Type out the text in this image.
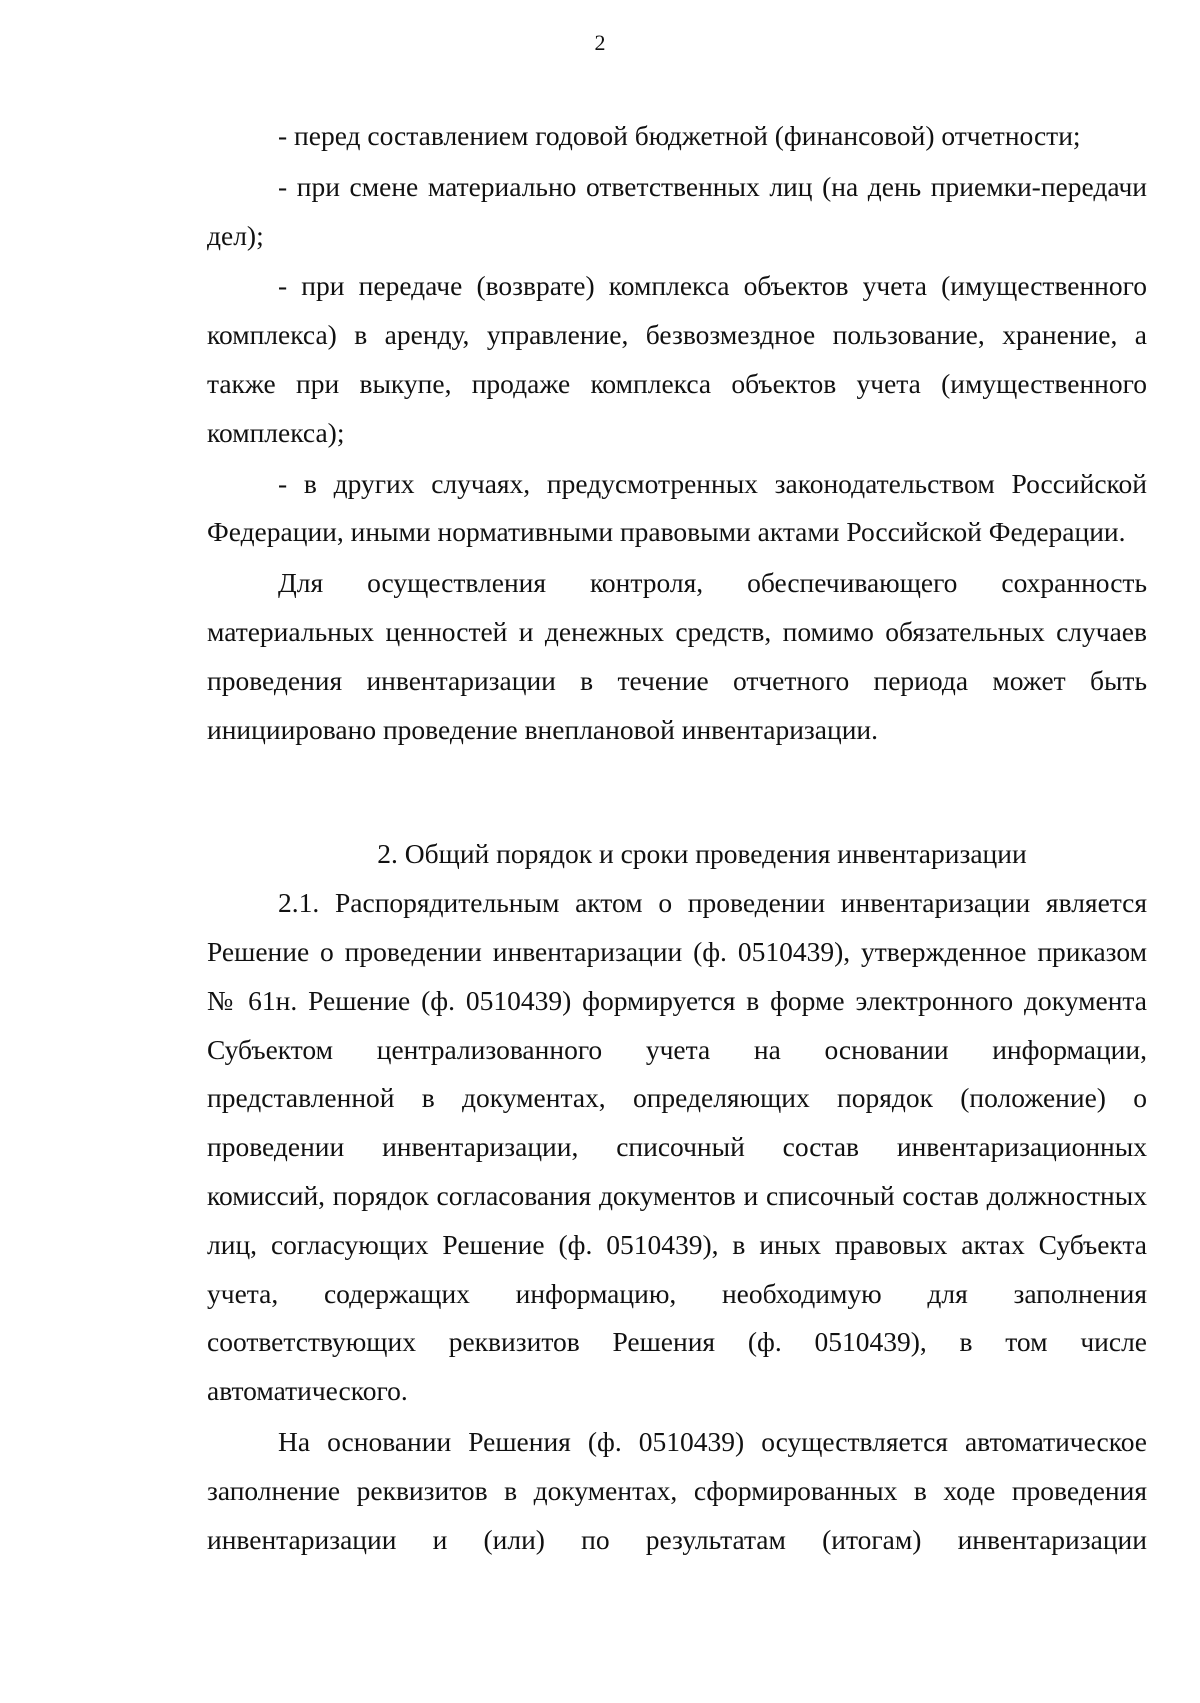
2

- перед составлением годовой бюджетной (финансовой) отчетности;

- при смене материально ответственных лиц (на день приемки-передачи дел);

- при передаче (возврате) комплекса объектов учета (имущественного комплекса) в аренду, управление, безвозмездное пользование, хранение, а также при выкупе, продаже комплекса объектов учета (имущественного комплекса);

- в других случаях, предусмотренных законодательством Российской Федерации, иными нормативными правовыми актами Российской Федерации.

Для осуществления контроля, обеспечивающего сохранность материальных ценностей и денежных средств, помимо обязательных случаев проведения инвентаризации в течение отчетного периода может быть инициировано проведение внеплановой инвентаризации.

2. Общий порядок и сроки проведения инвентаризации

2.1. Распорядительным актом о проведении инвентаризации является Решение о проведении инвентаризации (ф. 0510439), утвержденное приказом № 61н. Решение (ф. 0510439) формируется в форме электронного документа Субъектом централизованного учета на основании информации, представленной в документах, определяющих порядок (положение) о проведении инвентаризации, списочный состав инвентаризационных комиссий, порядок согласования документов и списочный состав должностных лиц, согласующих Решение (ф. 0510439), в иных правовых актах Субъекта учета, содержащих информацию, необходимую для заполнения соответствующих реквизитов Решения (ф. 0510439), в том числе автоматического.

На основании Решения (ф. 0510439) осуществляется автоматическое заполнение реквизитов в документах, сформированных в ходе проведения инвентаризации и (или) по результатам (итогам) инвентаризации
